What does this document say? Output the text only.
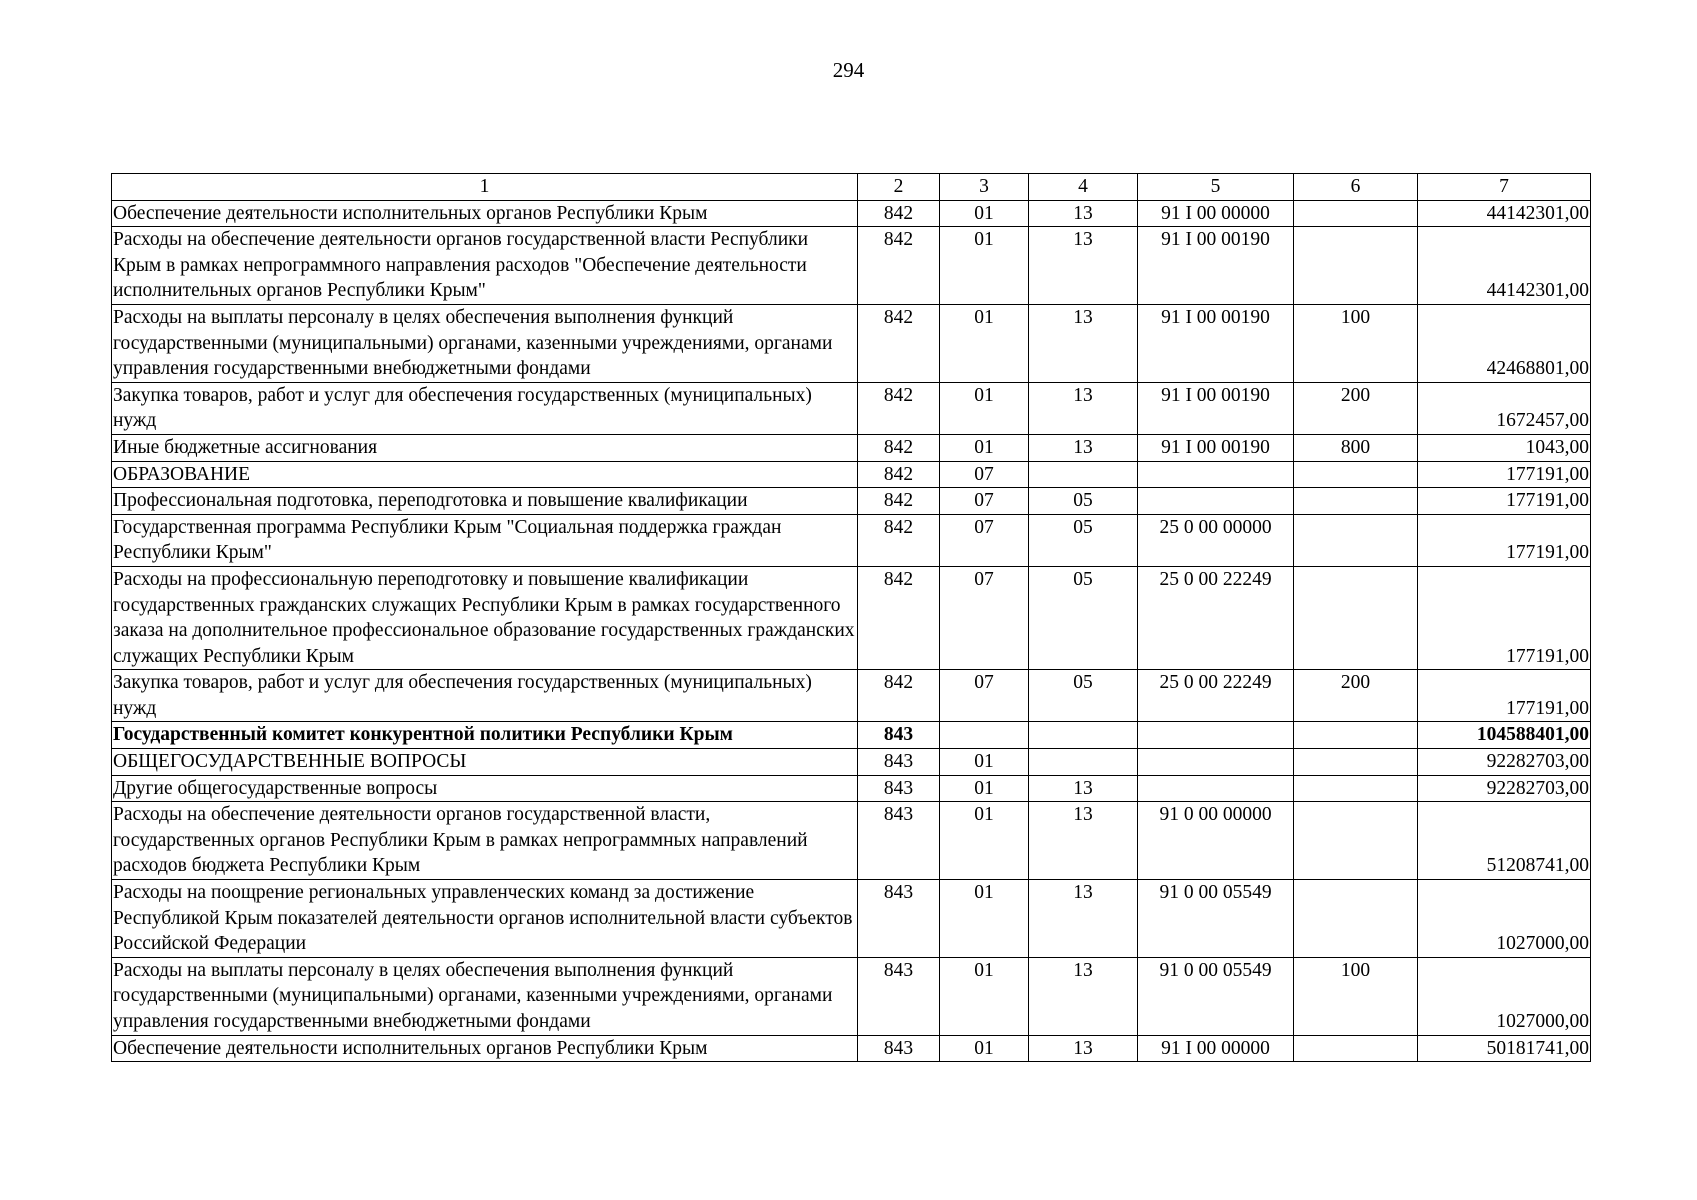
294
1	2	3	4	5	6	7
Обеспечение деятельности исполнительных органов Республики Крым	842	01	13	91 I 00 00000		44142301,00
Расходы на обеспечение деятельности органов государственной власти Республики Крым в рамках непрограммного направления расходов "Обеспечение деятельности исполнительных органов Республики Крым"	842	01	13	91 I 00 00190		44142301,00
Расходы на выплаты персоналу в целях обеспечения выполнения функций государственными (муниципальными) органами, казенными учреждениями, органами управления государственными внебюджетными фондами	842	01	13	91 I 00 00190	100	42468801,00
Закупка товаров, работ и услуг для обеспечения государственных (муниципальных) нужд	842	01	13	91 I 00 00190	200	1672457,00
Иные бюджетные ассигнования	842	01	13	91 I 00 00190	800	1043,00
ОБРАЗОВАНИЕ	842	07				177191,00
Профессиональная подготовка, переподготовка и повышение квалификации	842	07	05			177191,00
Государственная программа Республики Крым "Социальная поддержка граждан Республики Крым"	842	07	05	25 0 00 00000		177191,00
Расходы на профессиональную переподготовку и повышение квалификации государственных гражданских служащих Республики Крым в рамках государственного заказа на дополнительное профессиональное образование государственных гражданских служащих Республики Крым	842	07	05	25 0 00 22249		177191,00
Закупка товаров, работ и услуг для обеспечения государственных (муниципальных) нужд	842	07	05	25 0 00 22249	200	177191,00
Государственный комитет конкурентной политики Республики Крым	843					104588401,00
ОБЩЕГОСУДАРСТВЕННЫЕ ВОПРОСЫ	843	01				92282703,00
Другие общегосударственные вопросы	843	01	13			92282703,00
Расходы на обеспечение деятельности органов государственной власти, государственных органов Республики Крым в рамках непрограммных направлений расходов бюджета Республики Крым	843	01	13	91 0 00 00000		51208741,00
Расходы на поощрение региональных управленческих команд за достижение Республикой Крым показателей деятельности органов исполнительной власти субъектов Российской Федерации	843	01	13	91 0 00 05549		1027000,00
Расходы на выплаты персоналу в целях обеспечения выполнения функций государственными (муниципальными) органами, казенными учреждениями, органами управления государственными внебюджетными фондами	843	01	13	91 0 00 05549	100	1027000,00
Обеспечение деятельности исполнительных органов Республики Крым	843	01	13	91 I 00 00000		50181741,00
